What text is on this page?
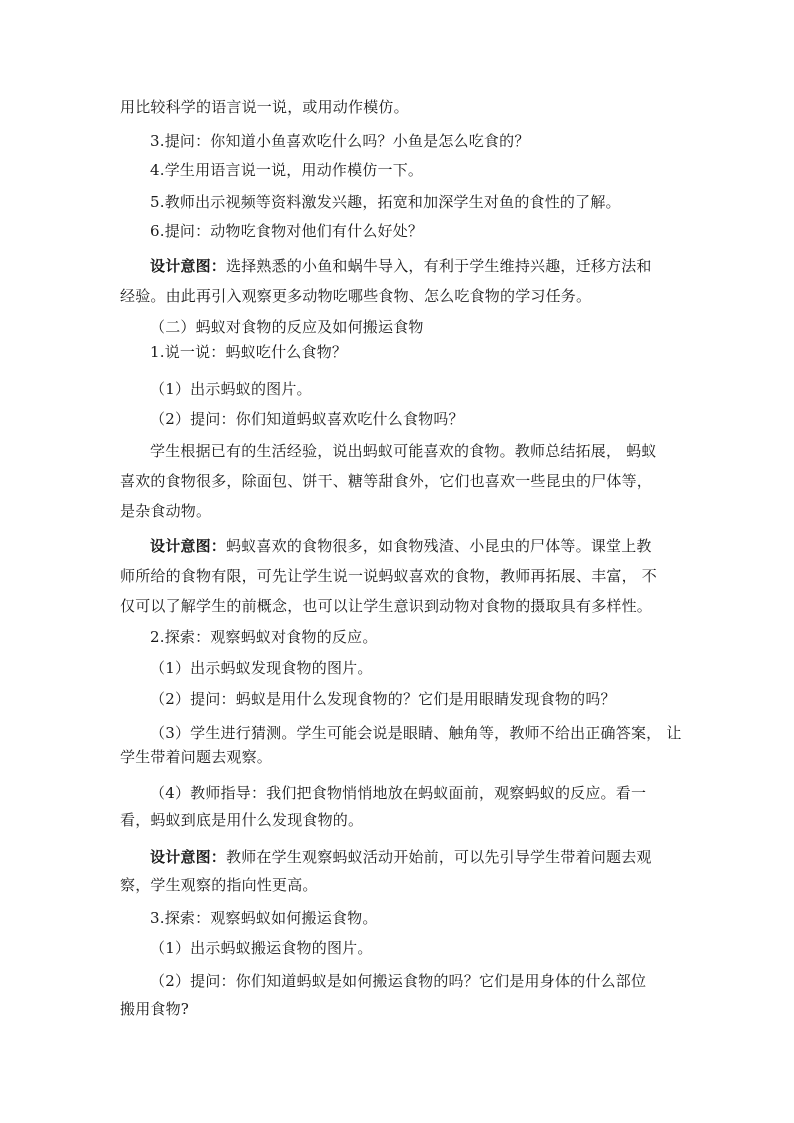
用比较科学的语言说一说，或用动作模仿。
3.提问：你知道小鱼喜欢吃什么吗？小鱼是怎么吃食的？
4.学生用语言说一说，用动作模仿一下。
5.教师出示视频等资料激发兴趣，拓宽和加深学生对鱼的食性的了解。
6.提问：动物吃食物对他们有什么好处？
设计意图：选择熟悉的小鱼和蜗牛导入，有利于学生维持兴趣，迁移方法和
经验。由此再引入观察更多动物吃哪些食物、怎么吃食物的学习任务。
（二）蚂蚁对食物的反应及如何搬运食物
1.说一说：蚂蚁吃什么食物？
（1）出示蚂蚁的图片。
（2）提问：你们知道蚂蚁喜欢吃什么食物吗？
学生根据已有的生活经验，说出蚂蚁可能喜欢的食物。教师总结拓展， 蚂蚁
喜欢的食物很多，除面包、饼干、糖等甜食外，它们也喜欢一些昆虫的尸体等，
是杂食动物。
设计意图：蚂蚁喜欢的食物很多，如食物残渣、小昆虫的尸体等。课堂上教
师所给的食物有限，可先让学生说一说蚂蚁喜欢的食物，教师再拓展、丰富， 不
仅可以了解学生的前概念，也可以让学生意识到动物对食物的摄取具有多样性。
2.探索：观察蚂蚁对食物的反应。
（1）出示蚂蚁发现食物的图片。
（2）提问：蚂蚁是用什么发现食物的？它们是用眼睛发现食物的吗？
（3）学生进行猜测。学生可能会说是眼睛、触角等，教师不给出正确答案， 让
学生带着问题去观察。
（4）教师指导：我们把食物悄悄地放在蚂蚁面前，观察蚂蚁的反应。看一
看，蚂蚁到底是用什么发现食物的。
设计意图：教师在学生观察蚂蚁活动开始前，可以先引导学生带着问题去观
察，学生观察的指向性更高。
3.探索：观察蚂蚁如何搬运食物。
（1）出示蚂蚁搬运食物的图片。
（2）提问：你们知道蚂蚁是如何搬运食物的吗？它们是用身体的什么部位
搬用食物?
